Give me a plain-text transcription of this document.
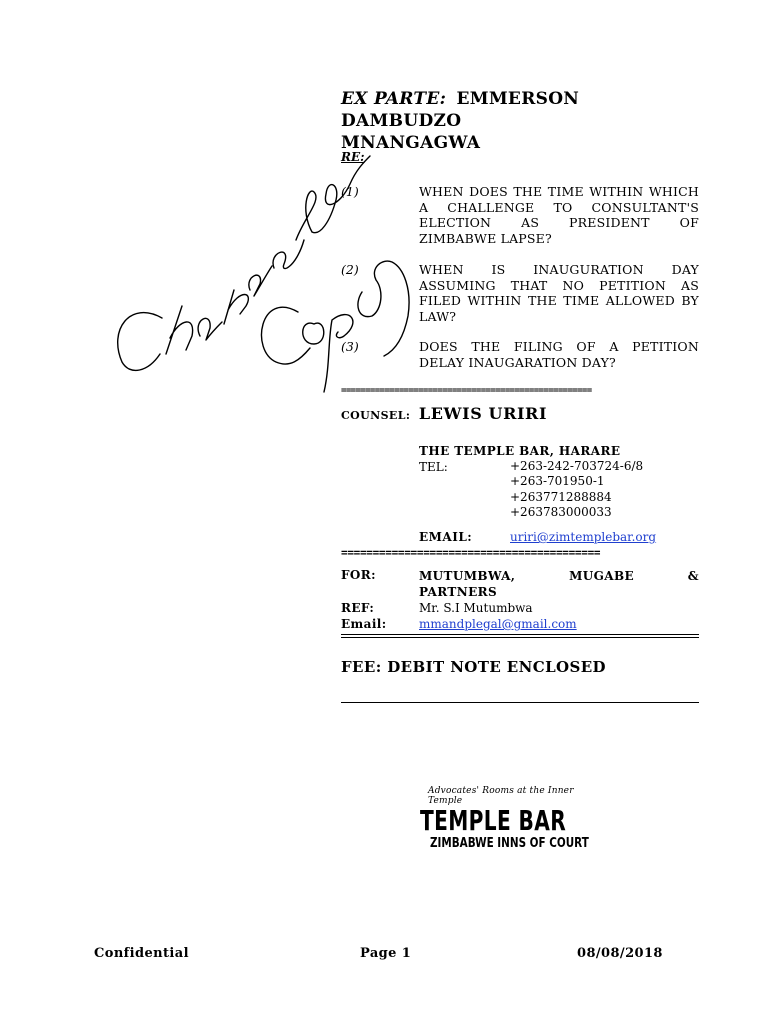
EX PARTE: EMMERSON DAMBUDZO
MNANGAGWA
RE:
(1)	WHEN DOES THE TIME WITHIN WHICH A CHALLENGE TO CONSULTANT'S ELECTION AS PRESIDENT OF ZIMBABWE LAPSE?
(2)	WHEN IS INAUGURATION DAY ASSUMING THAT NO PETITION AS FILED WITHIN THE TIME ALLOWED BY LAW?
(3)	DOES THE FILING OF A PETITION DELAY INAUGARATION DAY?
====================================================
COUNSEL: LEWIS URIRI
THE TEMPLE BAR, HARARE
TEL:	+263-242-703724-6/8
+263-701950-1
+263771288884
+263783000033
EMAIL:	uriri@zimtemplebar.org
=========================================
FOR:	MUTUMBWA,	MUGABE	&
PARTNERS
REF:	Mr. S.I Mutumbwa
Email:	mmandplegal@gmail.com
FEE: DEBIT NOTE ENCLOSED
Advocates' Rooms at the Inner Temple
TEMPLE BAR
ZIMBABWE INNS OF COURT
Confidential	Page 1	08/08/2018
